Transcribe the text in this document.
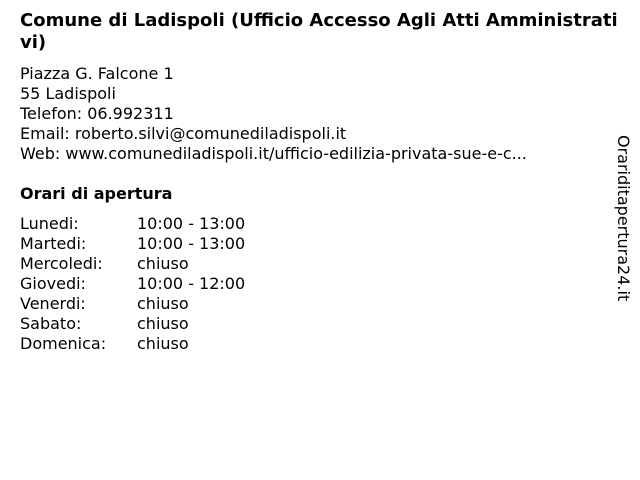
Comune di Ladispoli (Ufficio Accesso Agli Atti Amministrativi)
Piazza G. Falcone 1
55 Ladispoli
Telefon: 06.992311
Email: roberto.silvi@comunediladispoli.it
Web: www.comunediladispoli.it/ufficio-edilizia-privata-sue-e-c...
Orari di apertura
Lunedi:	10:00 - 13:00
Martedi:	10:00 - 13:00
Mercoledi:	chiuso
Giovedi:	10:00 - 12:00
Venerdi:	chiuso
Sabato:	chiuso
Domenica:	chiuso
Orariditapertura24.it
